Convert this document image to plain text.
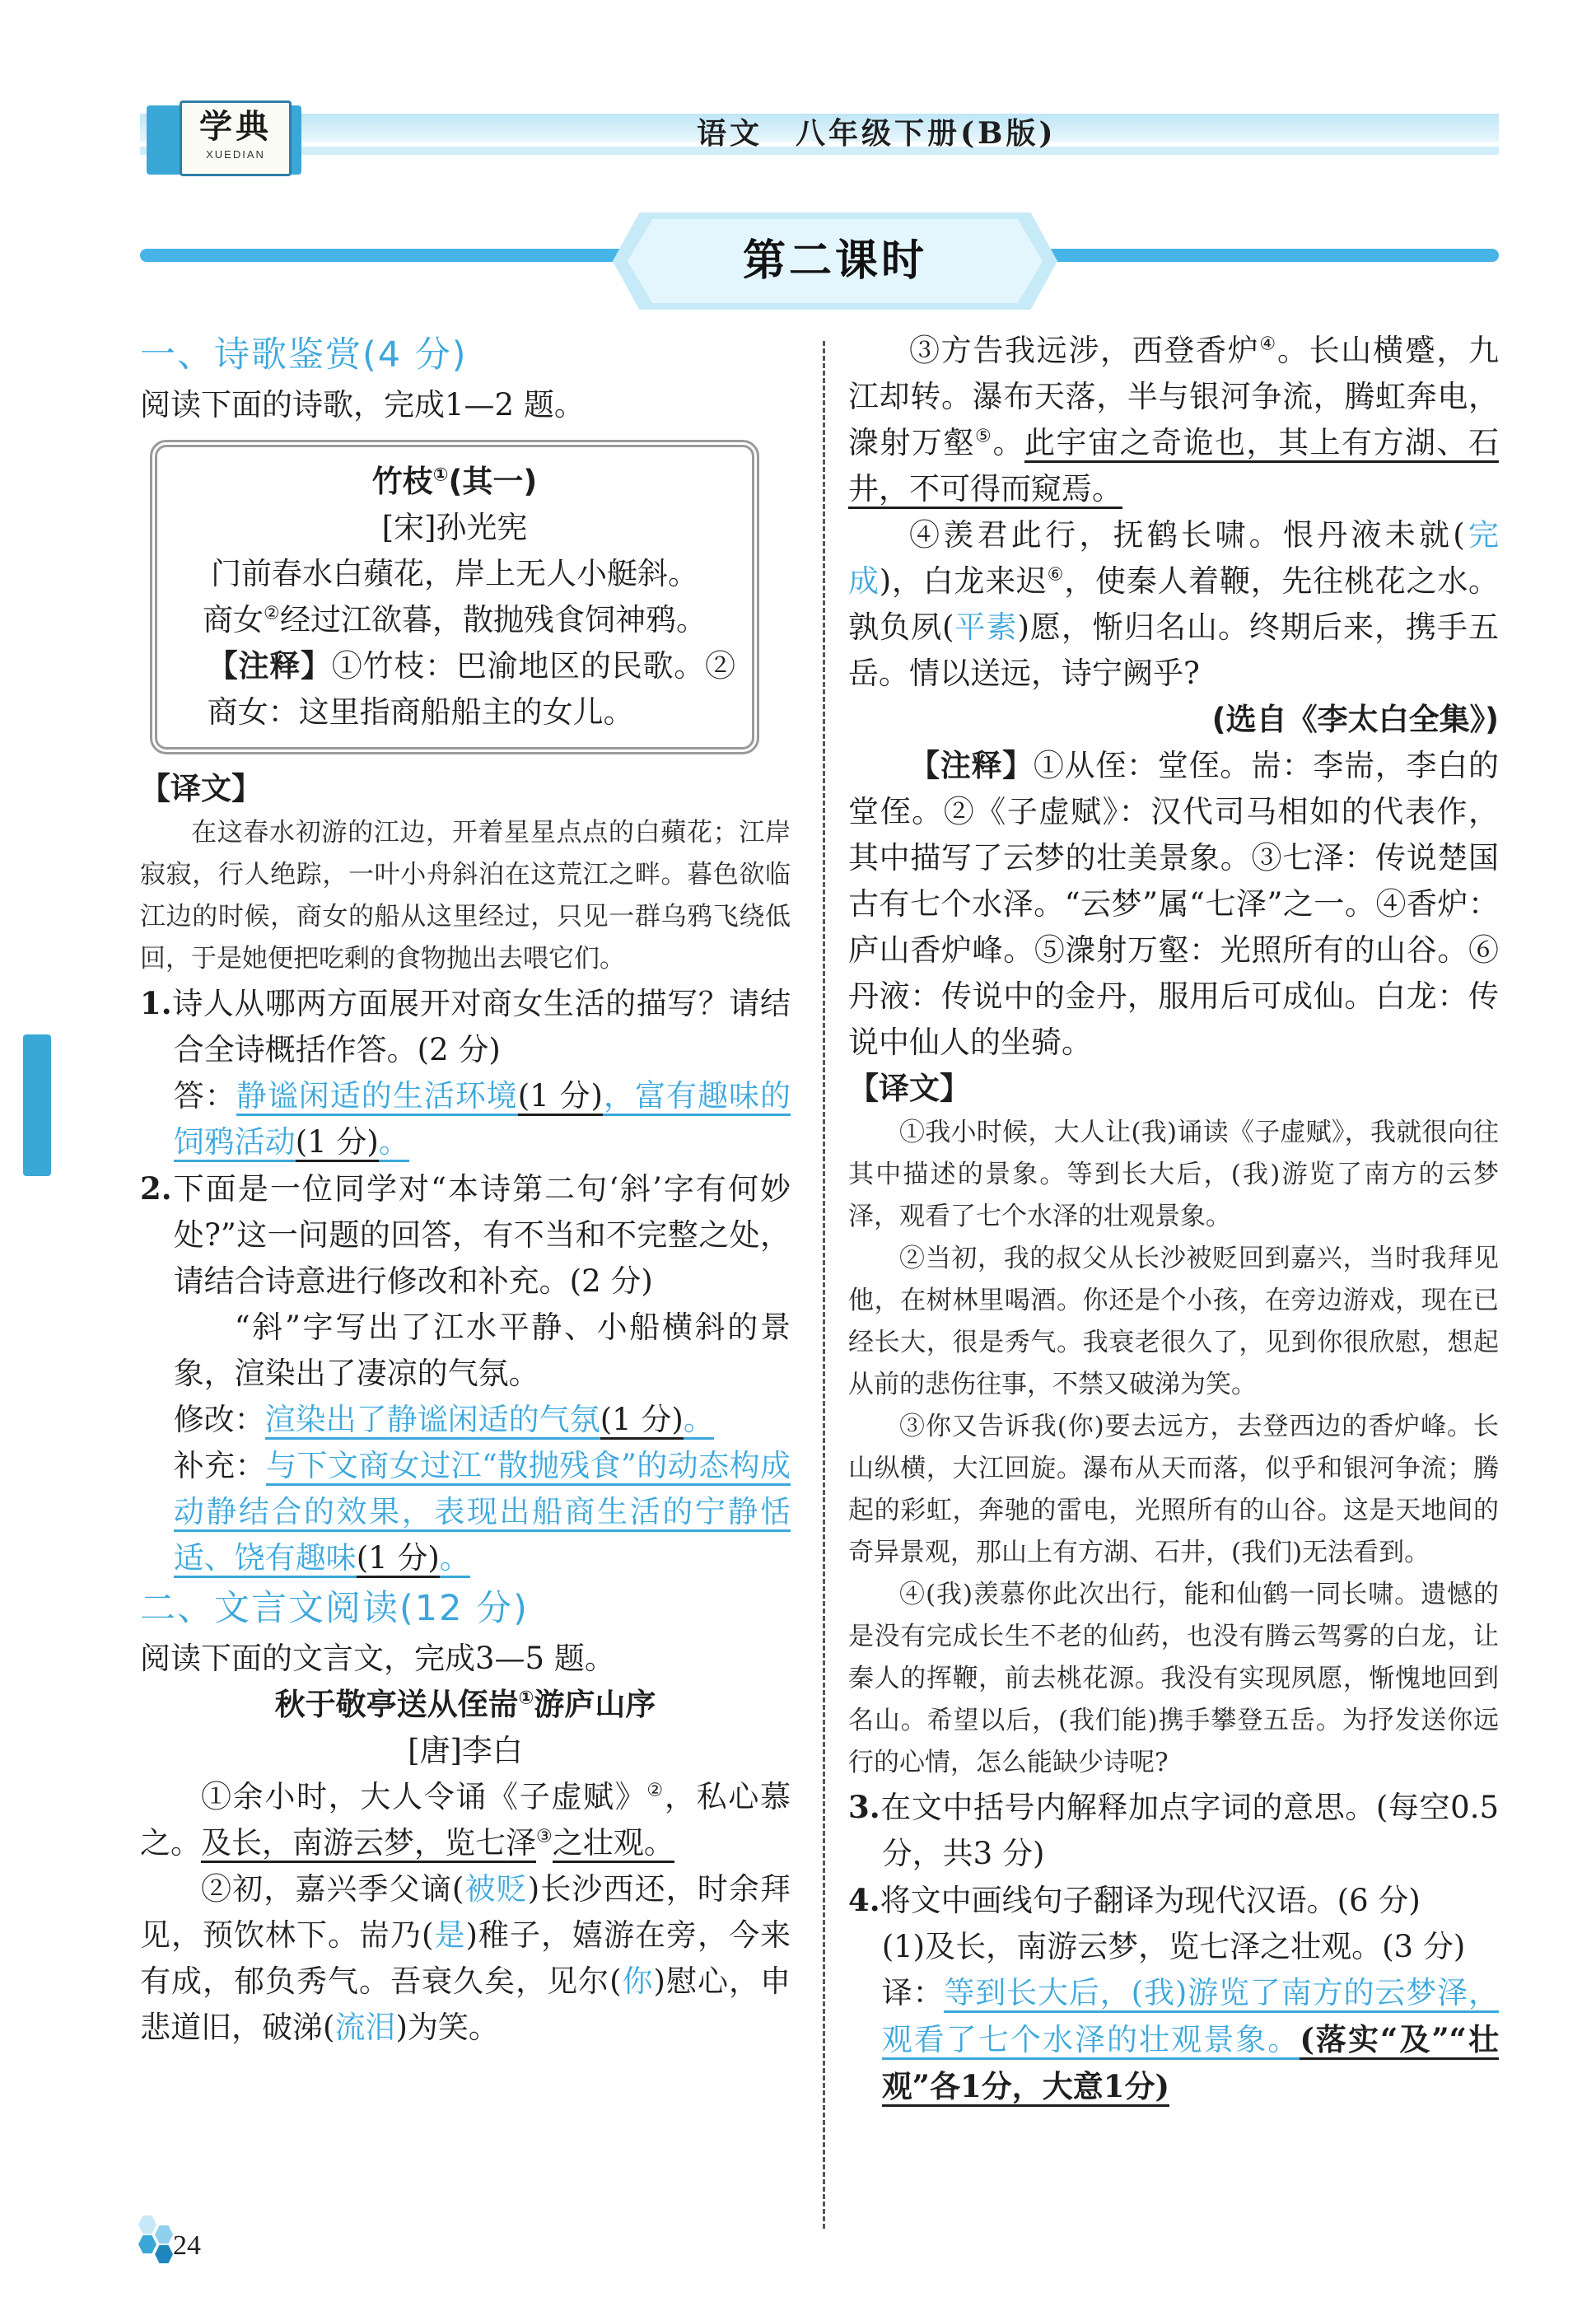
学典
XUEDIAN
语文　八年级下册(B版)
第二课时
一、诗歌鉴赏(4 分)

阅读下面的诗歌，完成1—2 题。

竹枝①(其一)

[宋]孙光宪

门前春水白蘋花，岸上无人小艇斜。

商女②经过江欲暮，散抛残食饲神鸦。

【注释】①竹枝：巴渝地区的民歌。②商女：这里指商船船主的女儿。

【译文】

在这春水初游的江边，开着星星点点的白蘋花；江岸寂寂，行人绝踪，一叶小舟斜泊在这荒江之畔。暮色欲临江边的时候，商女的船从这里经过，只见一群乌鸦飞绕低回，于是她便把吃剩的食物抛出去喂它们。

1.诗人从哪两方面展开对商女生活的描写？请结合全诗概括作答。(2 分)

答：静谧闲适的生活环境(1 分)，富有趣味的饲鸦活动(1 分)。

2.下面是一位同学对“本诗第二句‘斜’字有何妙处?”这一问题的回答，有不当和不完整之处，请结合诗意进行修改和补充。(2 分)

“斜”字写出了江水平静、小船横斜的景象，渲染出了凄凉的气氛。

修改：渲染出了静谧闲适的气氛(1 分)。

补充：与下文商女过江“散抛残食”的动态构成动静结合的效果，表现出船商生活的宁静恬适、饶有趣味(1 分)。

二、文言文阅读(12 分)

阅读下面的文言文，完成3—5 题。

秋于敬亭送从侄耑①游庐山序

[唐]李白

①余小时，大人令诵《子虚赋》②，私心慕之。及长，南游云梦，览七泽③之壮观。

②初，嘉兴季父谪(被贬)长沙西还，时余拜见，预饮林下。耑乃(是)稚子，嬉游在旁，今来有成，郁负秀气。吾衰久矣，见尔(你)慰心，申悲道旧，破涕(流泪)为笑。

③方告我远涉，西登香炉④。长山横蹙，九江却转。瀑布天落，半与银河争流，腾虹奔电，潨射万壑⑤。此宇宙之奇诡也，其上有方湖、石井，不可得而窥焉。

④羡君此行，抚鹤长啸。恨丹液未就(完成)，白龙来迟⑥，使秦人着鞭，先往桃花之水。孰负夙(平素)愿，惭归名山。终期后来，携手五岳。情以送远，诗宁阙乎?

(选自《李太白全集》)

【注释】①从侄：堂侄。耑：李耑，李白的堂侄。②《子虚赋》：汉代司马相如的代表作，其中描写了云梦的壮美景象。③七泽：传说楚国古有七个水泽。“云梦”属“七泽”之一。④香炉：庐山香炉峰。⑤潨射万壑：光照所有的山谷。⑥丹液：传说中的金丹，服用后可成仙。白龙：传说中仙人的坐骑。

【译文】

①我小时候，大人让(我)诵读《子虚赋》，我就很向往其中描述的景象。等到长大后，(我)游览了南方的云梦泽，观看了七个水泽的壮观景象。

②当初，我的叔父从长沙被贬回到嘉兴，当时我拜见他，在树林里喝酒。你还是个小孩，在旁边游戏，现在已经长大，很是秀气。我衰老很久了，见到你很欣慰，想起从前的悲伤往事，不禁又破涕为笑。

③你又告诉我(你)要去远方，去登西边的香炉峰。长山纵横，大江回旋。瀑布从天而落，似乎和银河争流；腾起的彩虹，奔驰的雷电，光照所有的山谷。这是天地间的奇异景观，那山上有方湖、石井，(我们)无法看到。

④(我)羡慕你此次出行，能和仙鹤一同长啸。遗憾的是没有完成长生不老的仙药，也没有腾云驾雾的白龙，让秦人的挥鞭，前去桃花源。我没有实现夙愿，惭愧地回到名山。希望以后，(我们能)携手攀登五岳。为抒发送你远行的心情，怎么能缺少诗呢?

3.在文中括号内解释加点字词的意思。(每空0.5 分，共3 分)

4.将文中画线句子翻译为现代汉语。(6 分)

(1)及长，南游云梦，览七泽之壮观。(3 分)

译：等到长大后，(我)游览了南方的云梦泽，观看了七个水泽的壮观景象。(落实“及”“壮观”各1分，大意1分)

24
